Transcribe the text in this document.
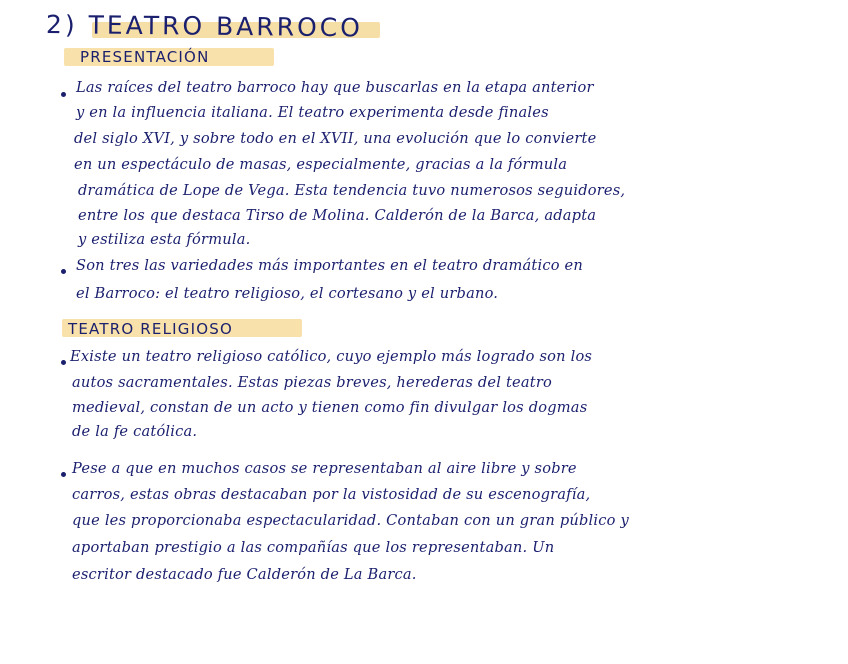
2) TEATRO BARROCO
PRESENTACIÓN
Las raíces del teatro barroco hay que buscarlas en la etapa anterior
y en la influencia italiana. El teatro experimenta desde finales
del siglo XVI, y sobre todo en el XVII, una evolución que lo convierte
en un espectáculo de masas, especialmente, gracias a la fórmula
dramática de Lope de Vega. Esta tendencia tuvo numerosos seguidores,
entre los que destaca Tirso de Molina. Calderón de la Barca, adapta
y estiliza esta fórmula.
Son tres las variedades más importantes en el teatro dramático en
el Barroco: el teatro religioso, el cortesano y el urbano.
TEATRO RELIGIOSO
Existe un teatro religioso católico, cuyo ejemplo más logrado son los
autos sacramentales. Estas piezas breves, herederas del teatro
medieval, constan de un acto y tienen como fin divulgar los dogmas
de la fe católica.
Pese a que en muchos casos se representaban al aire libre y sobre
carros, estas obras destacaban por la vistosidad de su escenografía,
que les proporcionaba espectacularidad. Contaban con un gran público y
aportaban prestigio a las compañías que los representaban. Un
escritor destacado fue Calderón de La Barca.
